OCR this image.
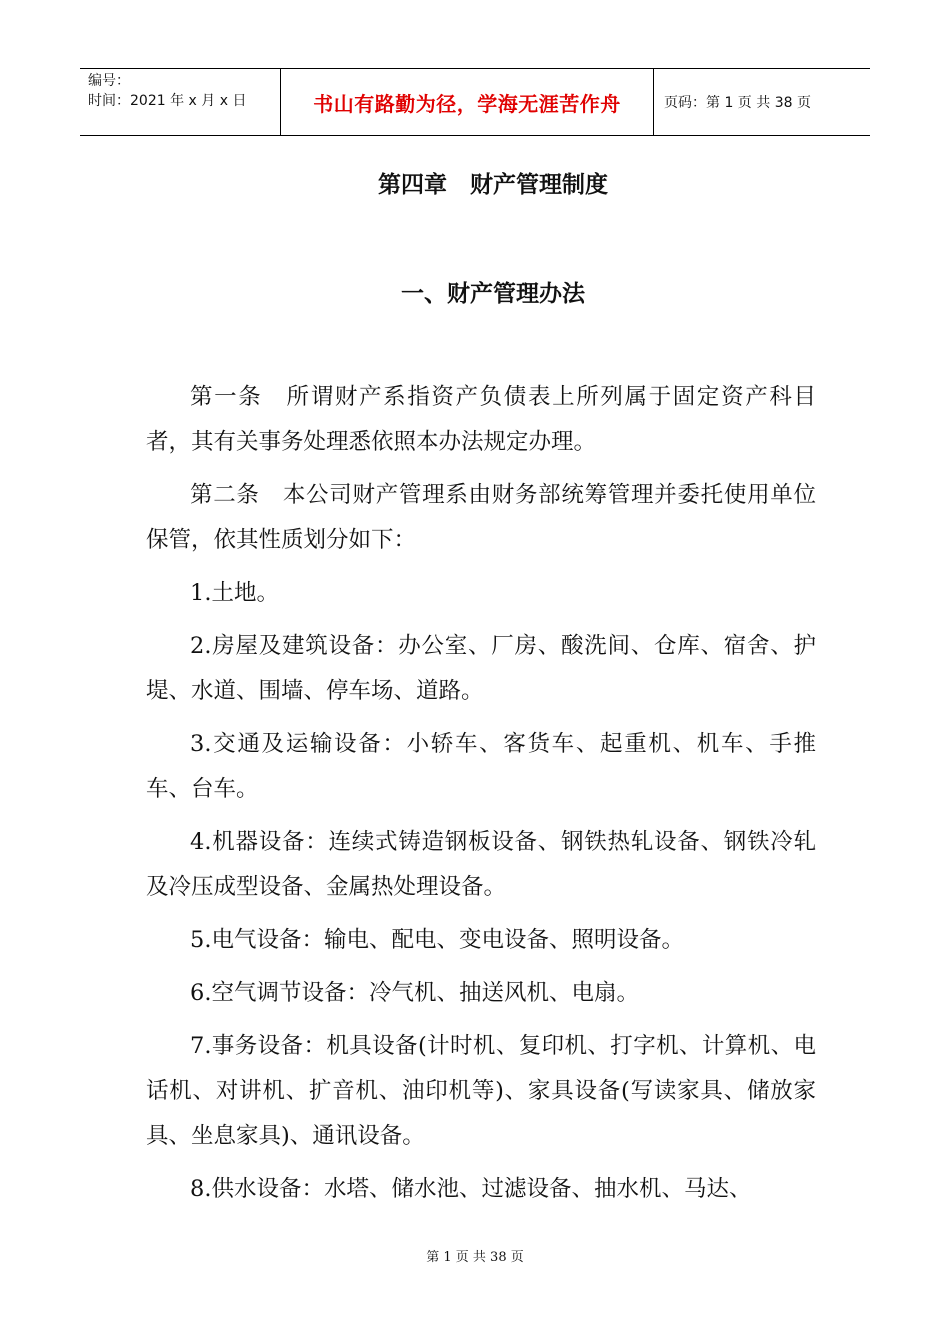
编号：
时间：2021 年 x 月 x 日	书山有路勤为径，学海无涯苦作舟	页码：第 1 页 共 38 页
第四章　财产管理制度
一、财产管理办法

第一条　所谓财产系指资产负债表上所列属于固定资产科目者，其有关事务处理悉依照本办法规定办理。

第二条　本公司财产管理系由财务部统筹管理并委托使用单位保管，依其性质划分如下：

1.土地。

2.房屋及建筑设备：办公室、厂房、酸洗间、仓库、宿舍、护堤、水道、围墙、停车场、道路。

3.交通及运输设备：小轿车、客货车、起重机、机车、手推车、台车。

4.机器设备：连续式铸造钢板设备、钢铁热轧设备、钢铁冷轧及冷压成型设备、金属热处理设备。

5.电气设备：输电、配电、变电设备、照明设备。

6.空气调节设备：冷气机、抽送风机、电扇。

7.事务设备：机具设备(计时机、复印机、打字机、计算机、电话机、对讲机、扩音机、油印机等)、家具设备(写读家具、储放家具、坐息家具)、通讯设备。

8.供水设备：水塔、储水池、过滤设备、抽水机、马达、

第 1 页 共 38 页
